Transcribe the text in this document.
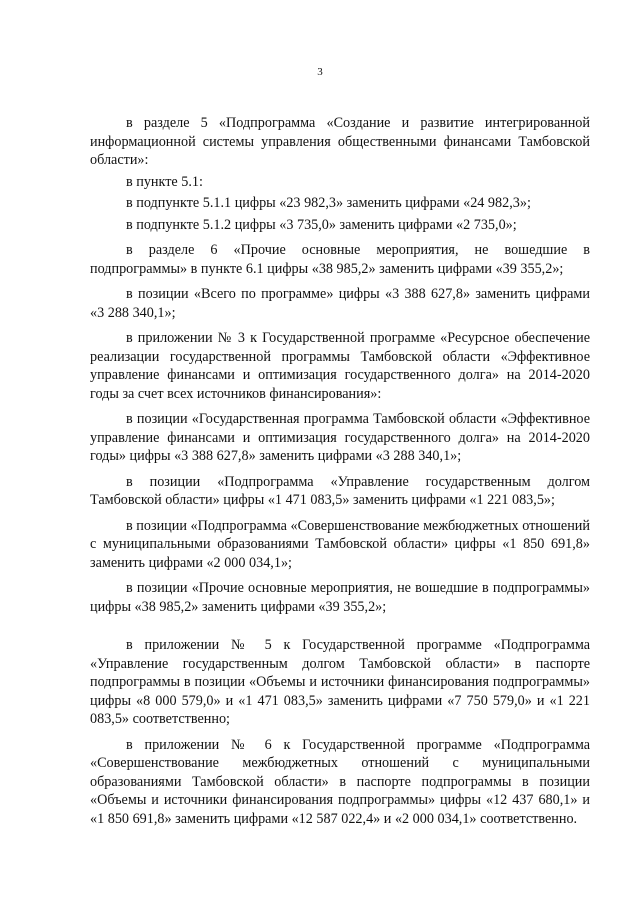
3

в разделе 5 «Подпрограмма «Создание и развитие интегрированной информационной системы управления общественными финансами Тамбовской области»:

в пункте 5.1:

в подпункте 5.1.1 цифры «23 982,3» заменить цифрами «24 982,3»;

в подпункте 5.1.2 цифры «3 735,0» заменить цифрами «2 735,0»;

в разделе 6 «Прочие основные мероприятия, не вошедшие в подпрограммы» в пункте 6.1 цифры «38 985,2» заменить цифрами «39 355,2»;

в позиции «Всего по программе» цифры «3 388 627,8» заменить цифрами «3 288 340,1»;

в приложении № 3 к Государственной программе «Ресурсное обеспечение реализации государственной программы Тамбовской области «Эффективное управление финансами и оптимизация государственного долга» на 2014-2020 годы за счет всех источников финансирования»:

в позиции «Государственная программа Тамбовской области «Эффективное управление финансами и оптимизация государственного долга» на 2014-2020 годы» цифры «3 388 627,8» заменить цифрами «3 288 340,1»;

в позиции «Подпрограмма «Управление государственным долгом Тамбовской области» цифры «1 471 083,5» заменить цифрами «1 221 083,5»;

в позиции «Подпрограмма «Совершенствование межбюджетных отношений с муниципальными образованиями Тамбовской области» цифры «1 850 691,8» заменить цифрами «2 000 034,1»;

в позиции «Прочие основные мероприятия, не вошедшие в подпрограммы» цифры «38 985,2» заменить цифрами «39 355,2»;

в приложении № 5 к Государственной программе «Подпрограмма «Управление государственным долгом Тамбовской области» в паспорте подпрограммы в позиции «Объемы и источники финансирования подпрограммы» цифры «8 000 579,0» и «1 471 083,5» заменить цифрами «7 750 579,0» и «1 221 083,5» соответственно;

в приложении № 6 к Государственной программе «Подпрограмма «Совершенствование межбюджетных отношений с муниципальными образованиями Тамбовской области» в паспорте подпрограммы в позиции «Объемы и источники финансирования подпрограммы» цифры «12 437 680,1» и «1 850 691,8» заменить цифрами «12 587 022,4» и «2 000 034,1» соответственно.
